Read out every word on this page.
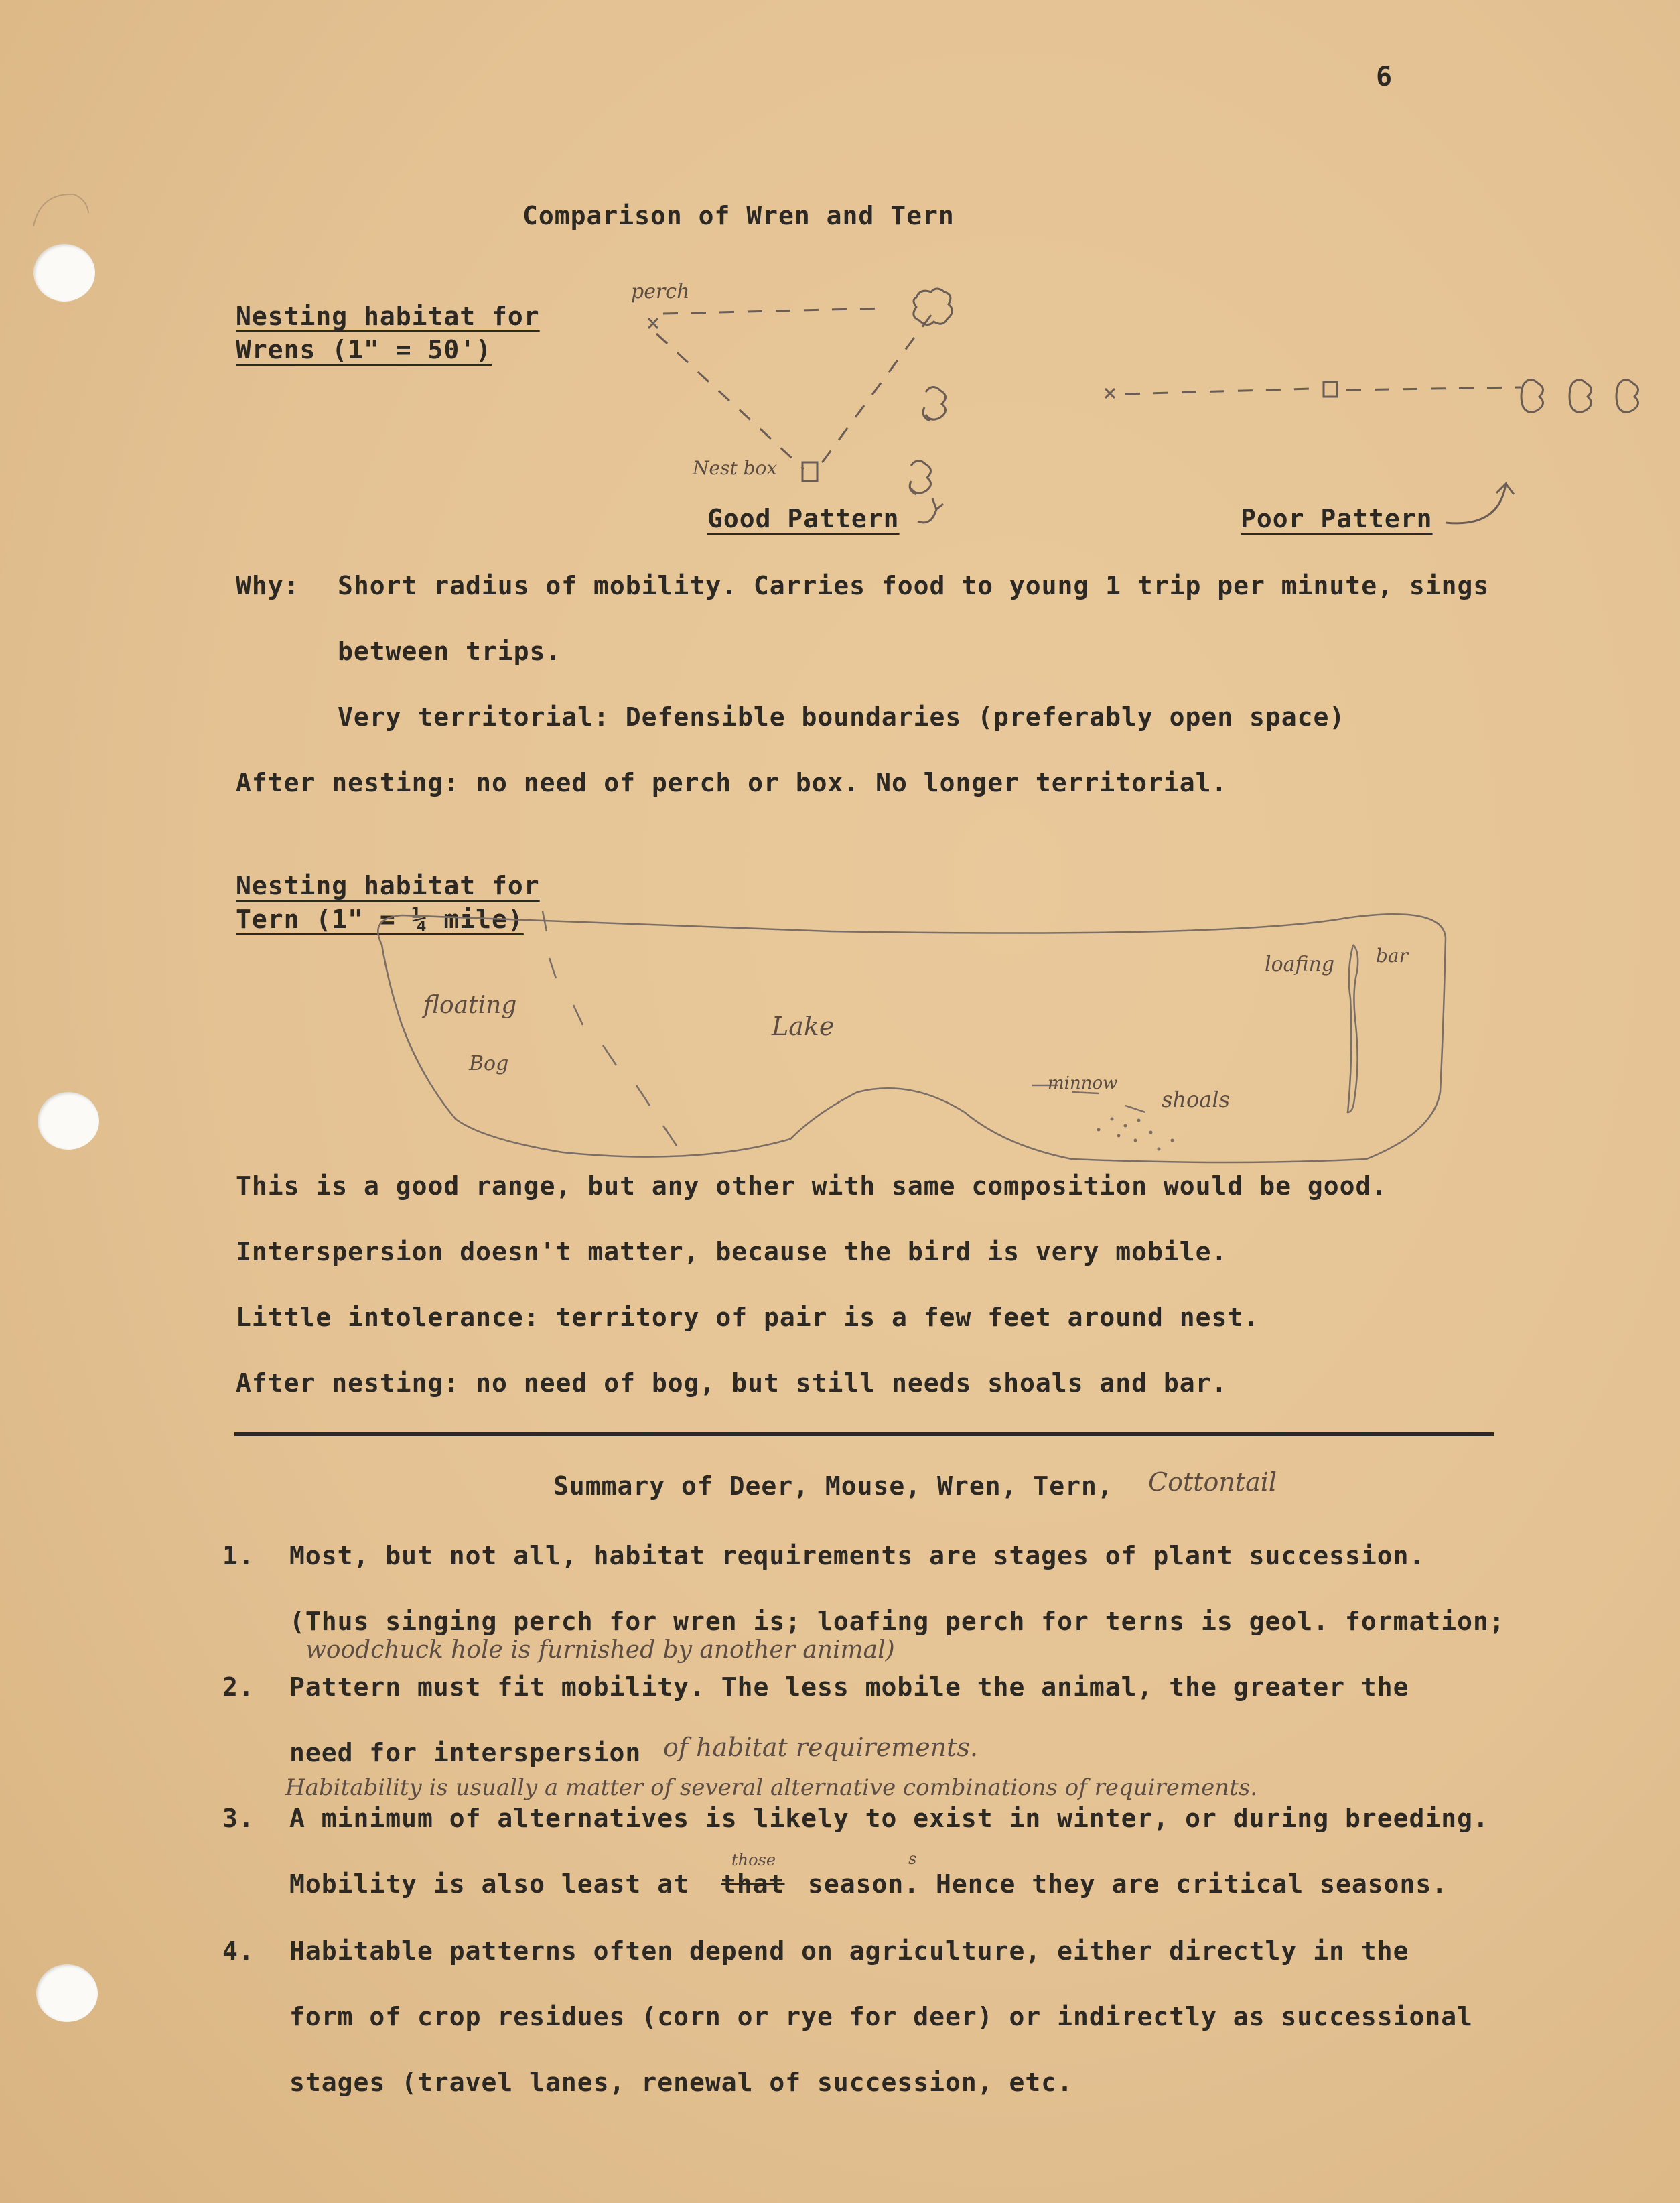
6
Comparison of Wren and Tern
Nesting habitat for
Wrens (1" = 50')
perch
Nest box
Good Pattern	Poor Pattern
Why: Short radius of mobility. Carries food to young 1 trip per minute, sings
between trips.
Very territorial: Defensible boundaries (preferably open space)
After nesting: no need of perch or box. No longer territorial.
Nesting habitat for
Tern (1" = ¼ mile)
floating
Bog
Lake
loafing bar
minnow
shoals
This is a good range, but any other with same composition would be good.
Interspersion doesn't matter, because the bird is very mobile.
Little intolerance: territory of pair is a few feet around nest.
After nesting: no need of bog, but still needs shoals and bar.
Summary of Deer, Mouse, Wren, Tern, Cottontail
1. Most, but not all, habitat requirements are stages of plant succession.
(Thus singing perch for wren is; loafing perch for terns is geol. formation;
woodchuck hole is furnished by another animal)
2. Pattern must fit mobility. The less mobile the animal, the greater the
need for interspersion of habitat requirements.
Habitability is usually a matter of several alternative combinations of requirements.
3. A minimum of alternatives is likely to exist in winter, or during breeding.
Mobility is also least at that
those	s
season. Hence they are critical seasons.
4. Habitable patterns often depend on agriculture, either directly in the
form of crop residues (corn or rye for deer) or indirectly as successional
stages (travel lanes, renewal of succession, etc.
